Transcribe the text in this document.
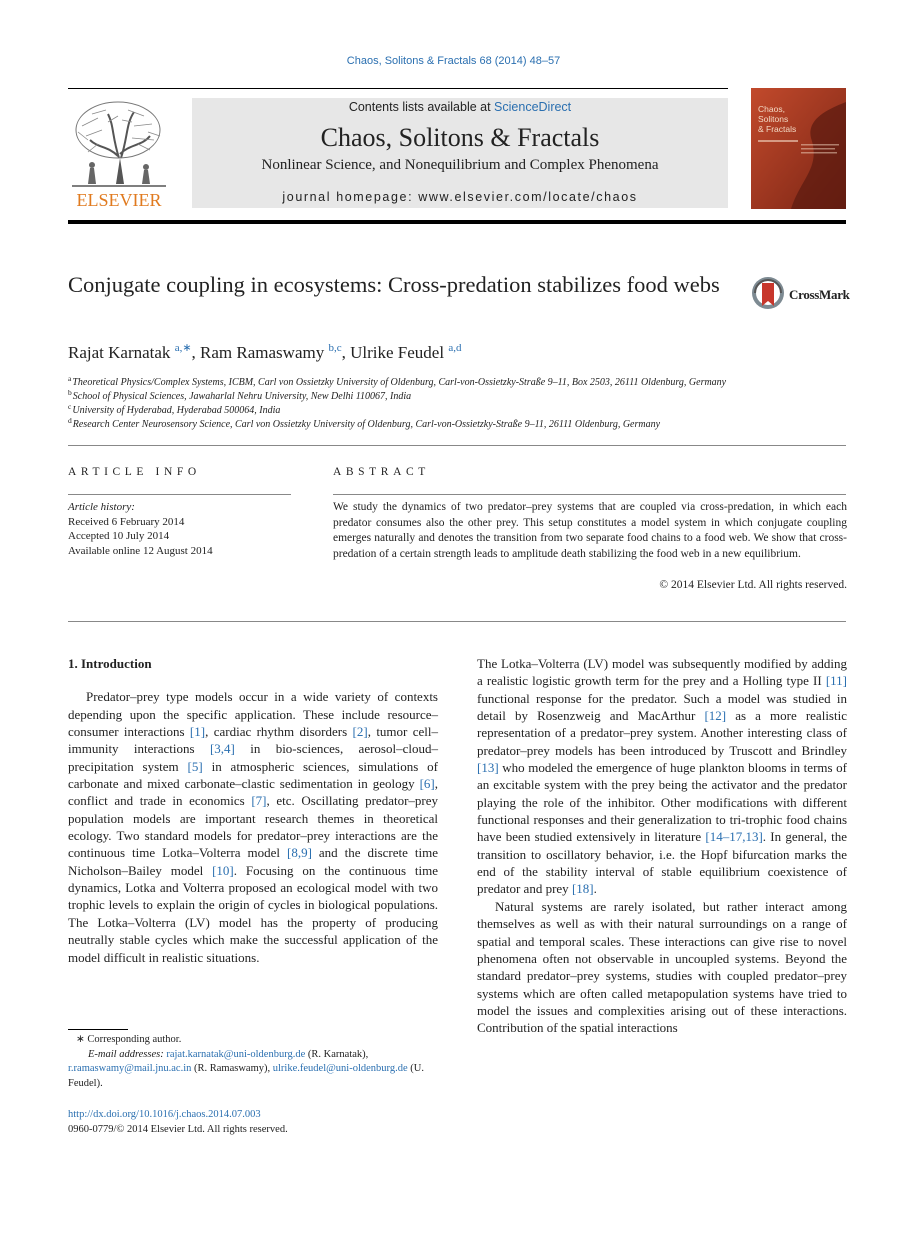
Chaos, Solitons & Fractals 68 (2014) 48–57
ELSEVIER
Contents lists available at ScienceDirect
Chaos, Solitons & Fractals
Nonlinear Science, and Nonequilibrium and Complex Phenomena
journal homepage: www.elsevier.com/locate/chaos
Chaos,
Solitons
& Fractals
Conjugate coupling in ecosystems: Cross-predation stabilizes food webs	CrossMark
Rajat Karnatak $^{a,∗}$, Ram Ramaswamy $^{b,c}$, Ulrike Feudel $^{a,d}$
$^a$Theoretical Physics/Complex Systems, ICBM, Carl von Ossietzky University of Oldenburg, Carl-von-Ossietzky-Straße 9–11, Box 2503, 26111 Oldenburg, Germany
$^b$School of Physical Sciences, Jawaharlal Nehru University, New Delhi 110067, India
$^c$University of Hyderabad, Hyderabad 500064, India
$^d$Research Center Neurosensory Science, Carl von Ossietzky University of Oldenburg, Carl-von-Ossietzky-Straße 9–11, 26111 Oldenburg, Germany
ARTICLE INFO
Article history:
Received 6 February 2014
Accepted 10 July 2014
Available online 12 August 2014
ABSTRACT
We study the dynamics of two predator–prey systems that are coupled via cross-predation, in which each predator consumes also the other prey. This setup constitutes a model system in which conjugate coupling emerges naturally and denotes the transition from two separate food chains to a food web. We show that cross-predation of a certain strength leads to amplitude death stabilizing the food web in a new equilibrium.
© 2014 Elsevier Ltd. All rights reserved.
1. Introduction

Predator–prey type models occur in a wide variety of contexts depending upon the specific application. These include resource–consumer interactions [1], cardiac rhythm disorders [2], tumor cell–immunity interactions [3,4] in bio-sciences, aerosol–cloud–precipitation system [5] in atmospheric sciences, simulations of carbonate and mixed carbonate–clastic sedimentation in geology [6], conflict and trade in economics [7], etc. Oscillating predator–prey population models are important research themes in theoretical ecology. Two standard models for predator–prey interactions are the continuous time Lotka–Volterra model [8,9] and the discrete time Nicholson–Bailey model [10]. Focusing on the continuous time dynamics, Lotka and Volterra proposed an ecological model with two trophic levels to explain the origin of cycles in biological populations. The Lotka–Volterra (LV) model has the property of producing neutrally stable cycles which make the successful application of the model difficult in realistic situations.

The Lotka–Volterra (LV) model was subsequently modified by adding a realistic logistic growth term for the prey and a Holling type II [11] functional response for the predator. Such a model was studied in detail by Rosenzweig and MacArthur [12] as a more realistic representation of a predator–prey system. Another interesting class of predator–prey models has been introduced by Truscott and Brindley [13] who modeled the emergence of huge plankton blooms in terms of an excitable system with the prey being the activator and the predator playing the role of the inhibitor. Other modifications with different functional responses and their generalization to tri-trophic food chains have been studied extensively in literature [14–17,13]. In general, the transition to oscillatory behavior, i.e. the Hopf bifurcation marks the end of the stability interval of stable equilibrium coexistence of predator and prey [18].

Natural systems are rarely isolated, but rather interact among themselves as well as with their natural surroundings on a range of spatial and temporal scales. These interactions can give rise to novel phenomena often not observable in uncoupled systems. Beyond the standard predator–prey systems, studies with coupled predator–prey systems which are often called metapopulation systems have tried to model the issues and complexities arising out of these interactions. Contribution of the spatial interactions

∗ Corresponding author.
E-mail addresses: rajat.karnatak@uni-oldenburg.de (R. Karnatak),
r.ramaswamy@mail.jnu.ac.in (R. Ramaswamy), ulrike.feudel@uni-oldenburg.de (U. Feudel).
http://dx.doi.org/10.1016/j.chaos.2014.07.003
0960-0779/© 2014 Elsevier Ltd. All rights reserved.
